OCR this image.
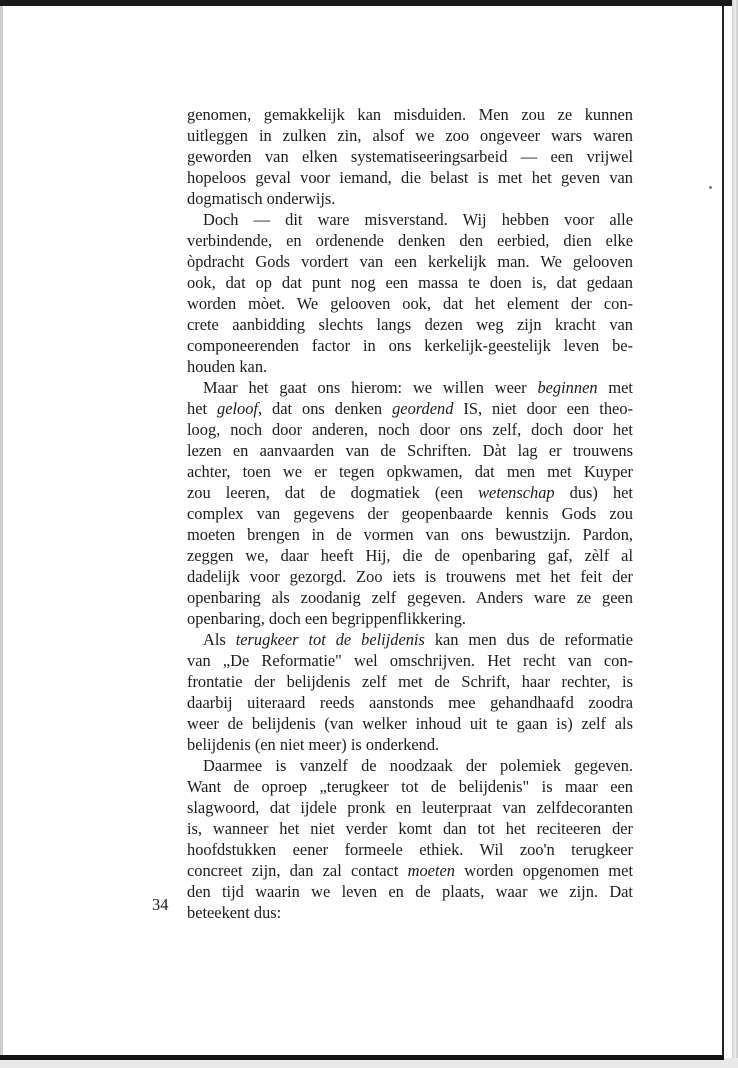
genomen, gemakkelijk kan misduiden. Men zou ze kunnen
uitleggen in zulken zin, alsof we zoo ongeveer wars waren
geworden van elken systematiseeringsarbeid — een vrijwel
hopeloos geval voor iemand, die belast is met het geven van
dogmatisch onderwijs.
Doch — dit ware misverstand. Wij hebben voor alle
verbindende, en ordenende denken den eerbied, dien elke
òpdracht Gods vordert van een kerkelijk man. We gelooven
ook, dat op dat punt nog een massa te doen is, dat gedaan
worden mòet. We gelooven ook, dat het element der con-
crete aanbidding slechts langs dezen weg zijn kracht van
componeerenden factor in ons kerkelijk-geestelijk leven be-
houden kan.
Maar het gaat ons hierom: we willen weer beginnen met
het geloof, dat ons denken geordend IS, niet door een theo-
loog, noch door anderen, noch door ons zelf, doch door het
lezen en aanvaarden van de Schriften. Dàt lag er trouwens
achter, toen we er tegen opkwamen, dat men met Kuyper
zou leeren, dat de dogmatiek (een wetenschap dus) het
complex van gegevens der geopenbaarde kennis Gods zou
moeten brengen in de vormen van ons bewustzijn. Pardon,
zeggen we, daar heeft Hij, die de openbaring gaf, zèlf al
dadelijk voor gezorgd. Zoo iets is trouwens met het feit der
openbaring als zoodanig zelf gegeven. Anders ware ze geen
openbaring, doch een begrippenflikkering.
Als terugkeer tot de belijdenis kan men dus de reformatie
van „De Reformatie" wel omschrijven. Het recht van con-
frontatie der belijdenis zelf met de Schrift, haar rechter, is
daarbij uiteraard reeds aanstonds mee gehandhaafd zoodra
weer de belijdenis (van welker inhoud uit te gaan is) zelf als
belijdenis (en niet meer) is onderkend.
Daarmee is vanzelf de noodzaak der polemiek gegeven.
Want de oproep „terugkeer tot de belijdenis" is maar een
slagwoord, dat ijdele pronk en leuterpraat van zelfdecoranten
is, wanneer het niet verder komt dan tot het reciteeren der
hoofdstukken eener formeele ethiek. Wil zoo'n terugkeer
concreet zijn, dan zal contact moeten worden opgenomen met
den tijd waarin we leven en de plaats, waar we zijn. Dat
beteekent dus:
34
